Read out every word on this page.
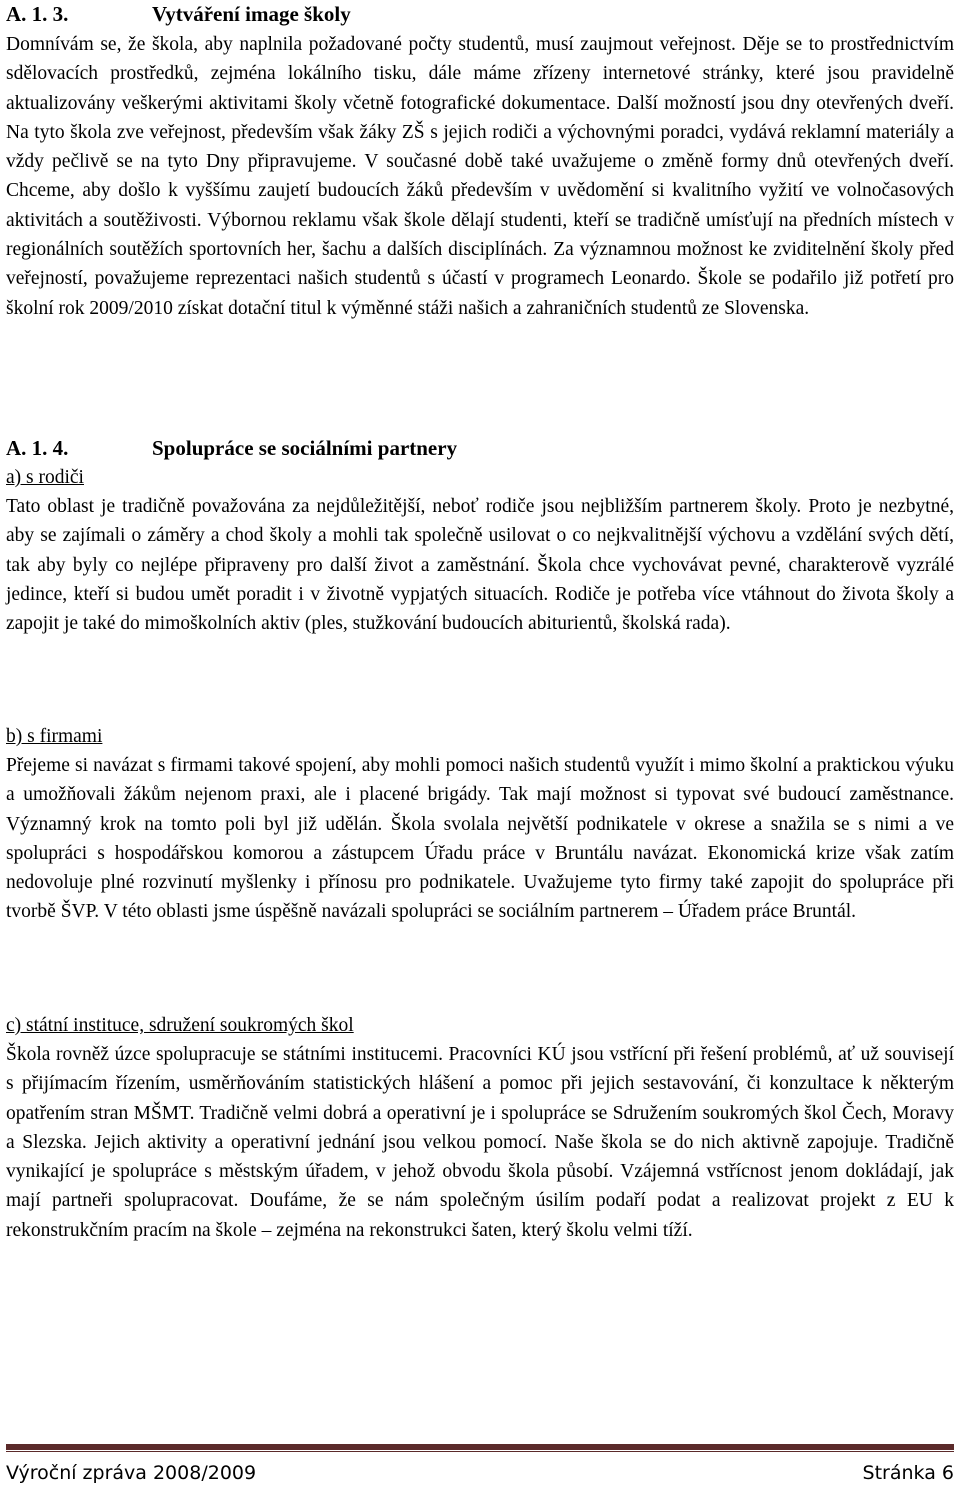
A. 1. 3.	Vytváření image školy

Domnívám se, že škola, aby naplnila požadované počty studentů, musí zaujmout veřejnost. Děje se to prostřednictvím sdělovacích prostředků, zejména lokálního tisku, dále máme zřízeny internetové stránky, které jsou pravidelně aktualizovány veškerými aktivitami školy včetně fotografické dokumentace. Další možností jsou dny otevřených dveří. Na tyto škola zve veřejnost, především však žáky ZŠ s jejich rodiči a výchovnými poradci, vydává reklamní materiály a vždy pečlivě se na tyto Dny připravujeme. V současné době také uvažujeme o změně formy dnů otevřených dveří. Chceme, aby došlo k vyššímu zaujetí budoucích žáků především v uvědomění si kvalitního vyžití ve volnočasových aktivitách a soutěživosti. Výbornou reklamu však škole dělají studenti, kteří se tradičně umísťují na předních místech v regionálních soutěžích sportovních her, šachu a dalších disciplínách. Za významnou možnost ke zviditelnění školy před veřejností, považujeme reprezentaci našich studentů s účastí v programech Leonardo. Škole se podařilo již potřetí pro školní rok 2009/2010 získat dotační titul k výměnné stáži našich a zahraničních studentů ze Slovenska.

A. 1. 4.	Spolupráce se sociálními partnery

a) s rodiči

Tato oblast je tradičně považována za nejdůležitější, neboť rodiče jsou nejbližším partnerem školy. Proto je nezbytné, aby se zajímali o záměry a chod školy a mohli tak společně usilovat o co nejkvalitnější výchovu a vzdělání svých dětí, tak aby byly co nejlépe připraveny pro další život a zaměstnání. Škola chce vychovávat pevné, charakterově vyzrálé jedince, kteří si budou umět poradit i v životně vypjatých situacích. Rodiče je potřeba více vtáhnout do života školy a zapojit je také do mimoškolních aktiv (ples, stužkování budoucích abiturientů, školská rada).

b) s firmami

Přejeme si navázat s firmami takové spojení, aby mohli pomoci našich studentů využít i mimo školní a praktickou výuku a umožňovali žákům nejenom praxi, ale i placené brigády. Tak mají možnost si typovat své budoucí zaměstnance. Významný krok na tomto poli byl již udělán. Škola svolala největší podnikatele v okrese a snažila se s nimi a ve spolupráci s hospodářskou komorou a zástupcem Úřadu práce v Bruntálu navázat. Ekonomická krize však zatím nedovoluje plné rozvinutí myšlenky i přínosu pro podnikatele. Uvažujeme tyto firmy také zapojit do spolupráce při tvorbě ŠVP. V této oblasti jsme úspěšně navázali spolupráci se sociálním partnerem – Úřadem práce Bruntál.

c) státní instituce, sdružení soukromých škol

Škola rovněž úzce spolupracuje se státními institucemi. Pracovníci KÚ jsou vstřícní při řešení problémů, ať už souvisejí s přijímacím řízením, usměrňováním statistických hlášení a pomoc při jejich sestavování, či konzultace k některým opatřením stran MŠMT. Tradičně velmi dobrá a operativní je i spolupráce se Sdružením soukromých škol Čech, Moravy a Slezska. Jejich aktivity a operativní jednání jsou velkou pomocí. Naše škola se do nich aktivně zapojuje. Tradičně vynikající je spolupráce s městským úřadem, v jehož obvodu škola působí. Vzájemná vstřícnost jenom dokládají, jak mají partneři spolupracovat. Doufáme, že se nám společným úsilím podaří podat a realizovat projekt z EU k rekonstrukčním pracím na škole – zejména na rekonstrukci šaten, který školu velmi tíží.

Výroční zpráva 2008/2009	Stránka 6
